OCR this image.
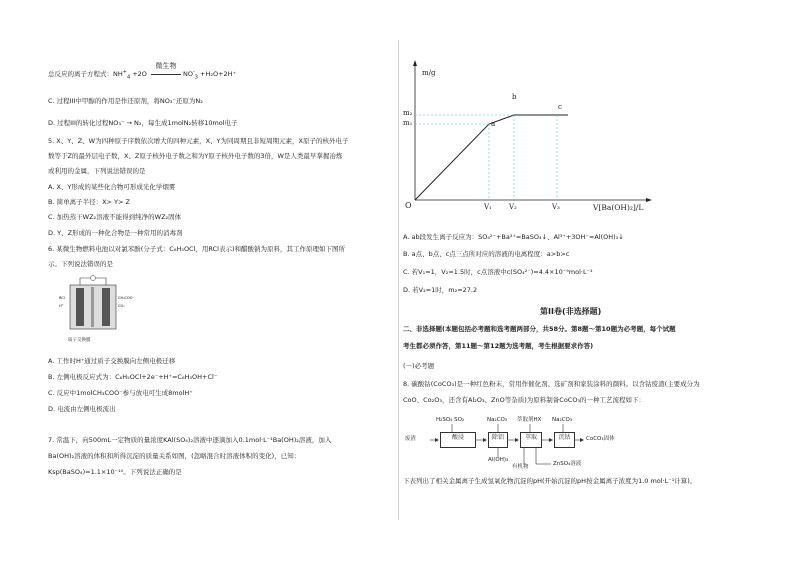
总反应的离子方程式：$NH^+_4 +2O$
微生物
$NO^-_3 +H_2O+2H^+$
C. 过程III中甲醇的作用是作还原剂，将NO₃⁻还原为N₂
D. 过程III的转化过程NO₃⁻ → N₂，每生成1molN₂转移10mol电子
5. X、Y、Z、W为四种原子序数依次增大的四种元素，X、Y为同周期且非短周期元素，X原子的核外电子
数等于Z的最外层电子数，X、Z原子核外电子数之和为Y原子核外电子数的3倍，W是人类最早掌握冶炼
或利用的金属，下列说法错误的是
A. X、Y形成的某些化合物可形成光化学烟雾
B. 简单离子半径：X> Y> Z
C. 加热蒸干WZ₂溶液不能得到纯净的WZ₂固体
D. Y、Z形成的一种化合物是一种常用的消毒剂
6. 某微生物燃料电池以对氯苯酚(分子式：C₆H₅OCl，用RCl表示)和醋酸钠为原料，其工作原理如下图所
示。下列说法错误的是
RCl
H⁺
CH₃COO⁻
CO₂
质子交换膜
A. 工作时H⁺通过质子交换膜向左侧电极迁移
B. 左侧电极反应式为：C₆H₅OCl+2e⁻+H⁺=C₆H₅OH+Cl⁻
C. 反应中1molCH₃COO⁻参与放电可生成8molH⁺
D. 电流由左侧电极流出
7. 常温下，向500mL一定物质的量浓度KAl(SO₄)₂溶液中逐滴加入0.1mol·L⁻¹Ba(OH)₂溶液，加入
Ba(OH)₂溶液的体积和所得沉淀的质量关系如图，(忽略混合时溶液体积的变化)，已知：
Ksp(BaSO₄)=1.1×10⁻¹⁰。下列说法正确的是
m/g
m₂
m₁
O	V₁ V₂	V₃	V[Ba(OH)₂]/L
a
b
c
A. ab段发生离子反应为：SO₄²⁻+Ba²⁺=BaSO₄↓、Al³⁺+3OH⁻=Al(OH)₃↓
B. a点、b点、c点三点所对应的溶液的电离程度：a>b>c
C. 若V₁=1，V₂=1.5时，c点溶液中c(SO₄²⁻)=4.4×10⁻⁹mol·L⁻¹
D. 若V₂=1时，m₂=27.2
第II卷(非选择题)
二、非选择题(本题包括必考题和选考题两部分，共58分。第8题～第10题为必考题，每个试题
考生都必须作答，第11题～第12题为选考题，考生根据要求作答)
(一)必考题
8. 碳酸钴(CoCO₃)是一种红色粉末，常用作催化剂、选矿剂和家装涂料的颜料。以含钴废渣(主要成分为
CoO、Co₂O₃，还含有Al₂O₃、ZnO等杂质)为原料制备CoCO₃的一种工艺流程如下：
H₂SO₄ SO₂	Na₂CO₃ 萃取剂HX Na₂CO₃
废渣	酸浸	除铝	萃取	沉钴	CoCO₃固体
Al(OH)₃
有机物	ZnSO₄溶液
下表列出了相关金属离子生成氢氧化物沉淀的pH(开始沉淀的pH按金属离子浓度为1.0 mol·L⁻¹计算)。
